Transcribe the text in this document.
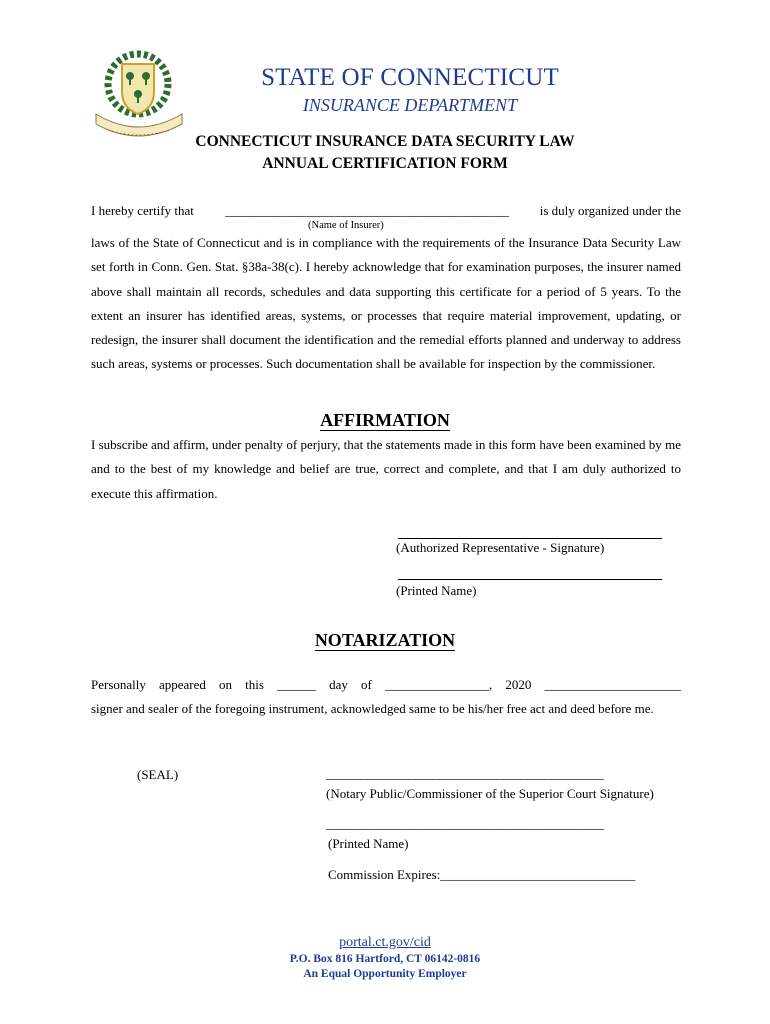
STATE OF CONNECTICUT
INSURANCE DEPARTMENT
CONNECTICUT INSURANCE DATA SECURITY LAW
ANNUAL CERTIFICATION FORM
I hereby certify that ________________________________________________ is duly organized under the
(Name of Insurer)
laws of the State of Connecticut and is in compliance with the requirements of the Insurance Data Security Law set forth in Conn. Gen. Stat. §38a-38(c). I hereby acknowledge that for examination purposes, the insurer named above shall maintain all records, schedules and data supporting this certificate for a period of 5 years. To the extent an insurer has identified areas, systems, or processes that require material improvement, updating, or redesign, the insurer shall document the identification and the remedial efforts planned and underway to address such areas, systems or processes. Such documentation shall be available for inspection by the commissioner.
AFFIRMATION
I subscribe and affirm, under penalty of perjury, that the statements made in this form have been examined by me and to the best of my knowledge and belief are true, correct and complete, and that I am duly authorized to execute this affirmation.
(Authorized Representative - Signature)
(Printed Name)
NOTARIZATION
Personally appeared on this ______ day of ________________, 2020 _____________________
signer and sealer of the foregoing instrument, acknowledged same to be his/her free act and deed before me.
(SEAL)	_______________________________________________
(Notary Public/Commissioner of the Superior Court Signature)
_______________________________________________
(Printed Name)
Commission Expires:______________________________
portal.ct.gov/cid
P.O. Box 816 Hartford, CT 06142-0816
An Equal Opportunity Employer
